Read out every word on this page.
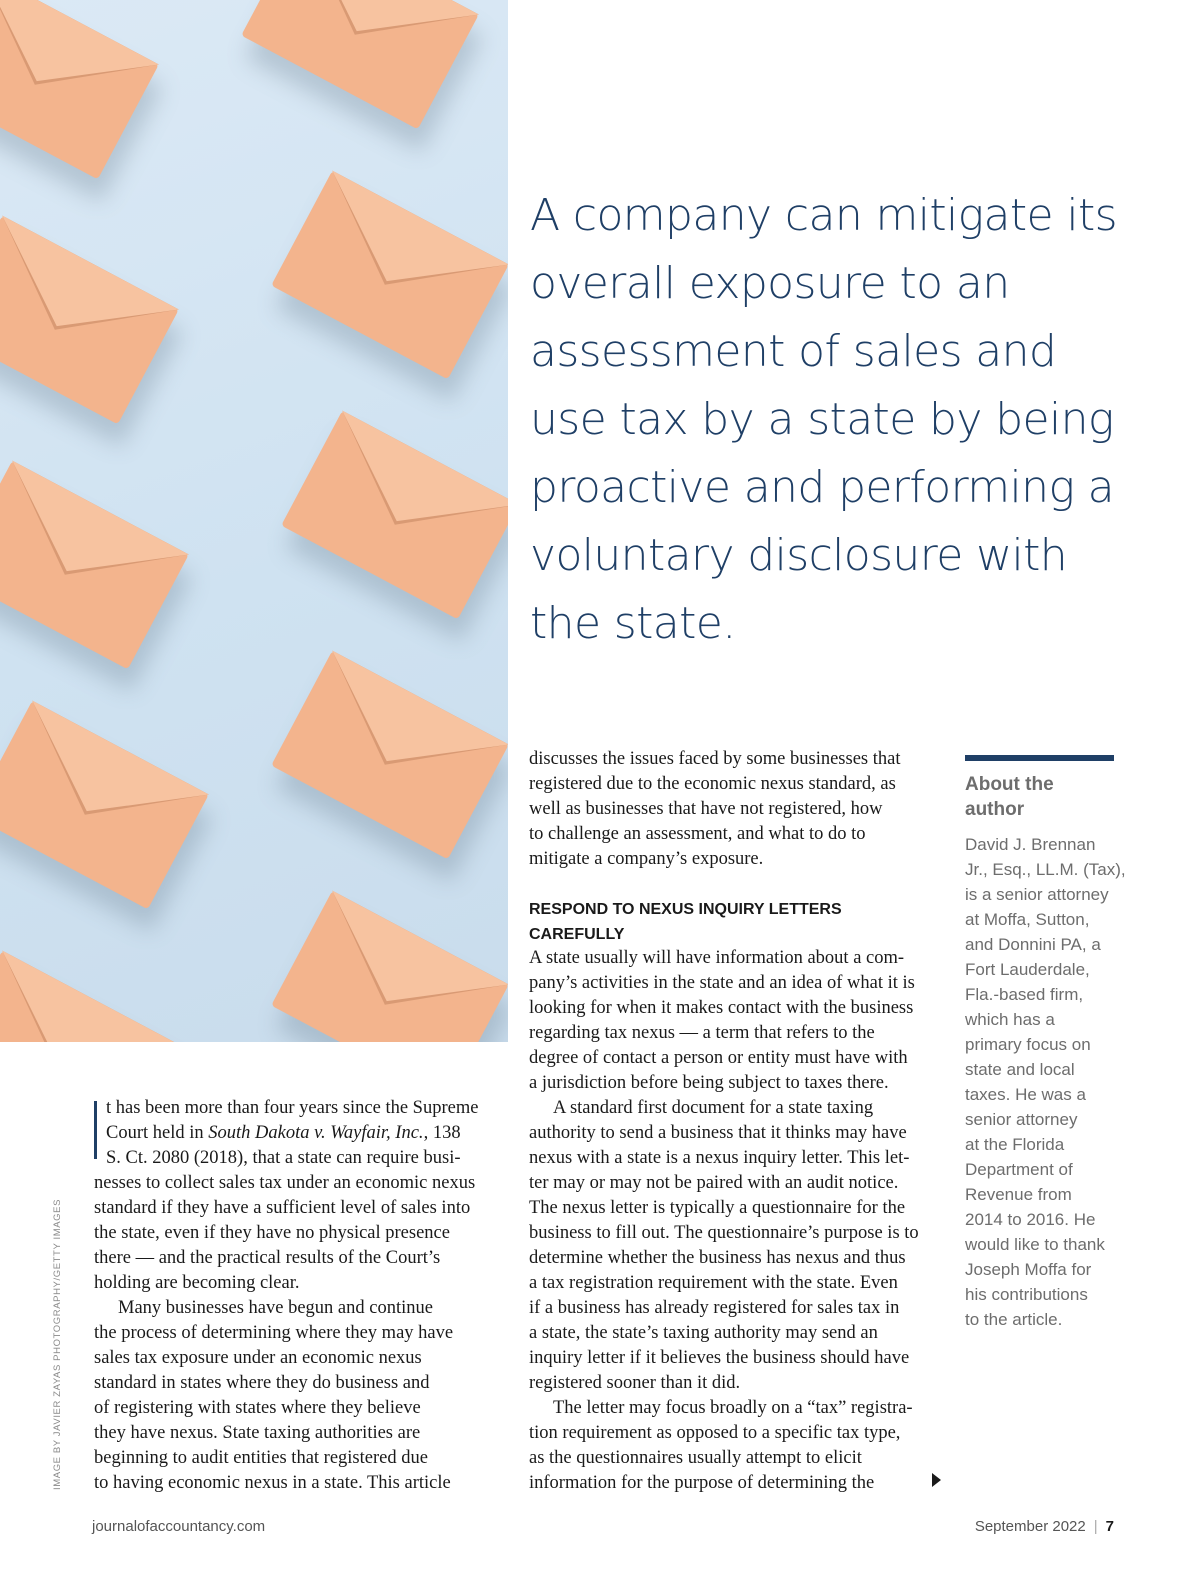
IMAGE BY JAVIER ZAYAS PHOTOGRAPHY/GETTY IMAGES
A company can mitigate its
overall exposure to an
assessment of sales and
use tax by a state by being
proactive and performing a
voluntary disclosure with
the state.

t has been more than four years since the Supreme
Court held in South Dakota v. Wayfair, Inc., 138
S. Ct. 2080 (2018), that a state can require busi-
nesses to collect sales tax under an economic nexus
standard if they have a sufficient level of sales into
the state, even if they have no physical presence
there — and the practical results of the Court’s
holding are becoming clear.

Many businesses have begun and continue
the process of determining where they may have
sales tax exposure under an economic nexus
standard in states where they do business and
of registering with states where they believe
they have nexus. State taxing authorities are
beginning to audit entities that registered due
to having economic nexus in a state. This article

discusses the issues faced by some businesses that
registered due to the economic nexus standard, as
well as businesses that have not registered, how
to challenge an assessment, and what to do to
mitigate a company’s exposure.

RESPOND TO NEXUS INQUIRY LETTERS CAREFULLY

A state usually will have information about a com-
pany’s activities in the state and an idea of what it is
looking for when it makes contact with the business
regarding tax nexus — a term that refers to the
degree of contact a person or entity must have with
a jurisdiction before being subject to taxes there.

A standard first document for a state taxing
authority to send a business that it thinks may have
nexus with a state is a nexus inquiry letter. This let-
ter may or may not be paired with an audit notice.
The nexus letter is typically a questionnaire for the
business to fill out. The questionnaire’s purpose is to
determine whether the business has nexus and thus
a tax registration requirement with the state. Even
if a business has already registered for sales tax in
a state, the state’s taxing authority may send an
inquiry letter if it believes the business should have
registered sooner than it did.

The letter may focus broadly on a “tax” registra-
tion requirement as opposed to a specific tax type,
as the questionnaires usually attempt to elicit
information for the purpose of determining the

About the
author
David J. Brennan
Jr., Esq., LL.M. (Tax),
is a senior attorney
at Moffa, Sutton,
and Donnini PA, a
Fort Lauderdale,
Fla.-based firm,
which has a
primary focus on
state and local
taxes. He was a
senior attorney
at the Florida
Department of
Revenue from
2014 to 2016. He
would like to thank
Joseph Moffa for
his contributions
to the article.
journalofaccountancy.com	September 2022 | 7
